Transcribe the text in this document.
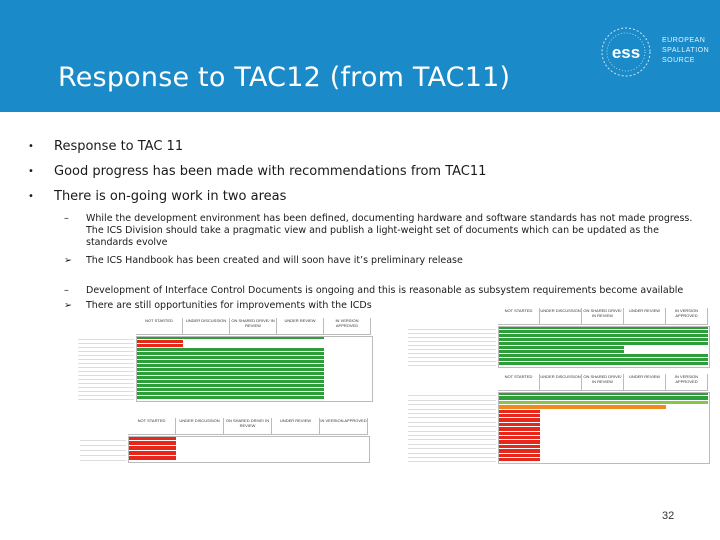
Response to TAC12 (from TAC11)
ess
EUROPEAN
SPALLATION
SOURCE
• Response to TAC 11
• Good progress has been made with recommendations from TAC11
• There is on-going work in two areas
– While the development environment has been defined, documenting hardware and software standards has not made progress. The ICS Division should take a pragmatic view and publish a light-weight set of documents which can be updated as the standards evolve
➢ The ICS Handbook has been created and will soon have it’s preliminary release
– Development of Interface Control Documents is ongoing and this is reasonable as subsystem requirements become available
➢ There are still opportunities for improvements with the ICDs

NOT STARTED	UNDER DISCUSSION	ON SHARED DRIVE/ IN REVIEW
UNDER REVIEW	IN VERSION APPROVED
NOT STARTED	UNDER DISCUSSION	ON SHARED DRIVE/ IN REVIEW
UNDER REVIEW	IN VERSION APPROVED
NOT STARTED	UNDER DISCUSSION ON SHARED DRIVE/ IN REVIEW
UNDER REVIEW	IN VERSION APPROVED
NOT STARTED	UNDER DISCUSSION ON SHARED DRIVE/ IN REVIEW
UNDER REVIEW	IN VERSION APPROVED
32
